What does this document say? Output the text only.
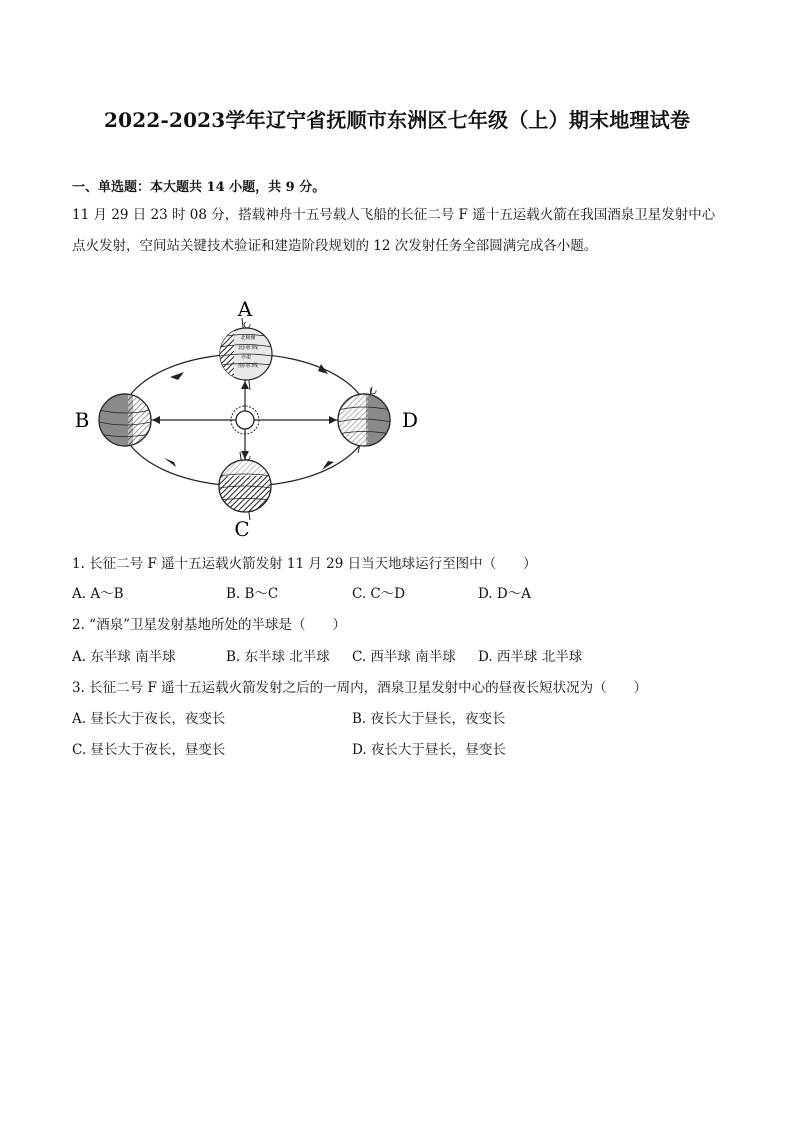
2022-2023学年辽宁省抚顺市东洲区七年级（上）期末地理试卷
一、单选题：本大题共 14 小题，共 9 分。
11 月 29 日 23 时 08 分，搭载神舟十五号载人飞船的长征二号 F 遥十五运载火箭在我国酒泉卫星发射中心
点火发射，空间站关键技术验证和建造阶段规划的 12 次发射任务全部圆满完成各小题。
北极圈
北回归线
赤道
南回归线
A
B
C
D
1. 长征二号 F 遥十五运载火箭发射 11 月 29 日当天地球运行至图中（　　）
A. A～B	B. B～C	C. C～D	D. D～A
2. “酒泉”卫星发射基地所处的半球是（　　）
A. 东半球 南半球	B. 东半球 北半球 C. 西半球 南半球 D. 西半球 北半球
3. 长征二号 F 遥十五运载火箭发射之后的一周内，酒泉卫星发射中心的昼夜长短状况为（　　）
A. 昼长大于夜长，夜变长	B. 夜长大于昼长，夜变长
C. 昼长大于夜长，昼变长	D. 夜长大于昼长，昼变长
